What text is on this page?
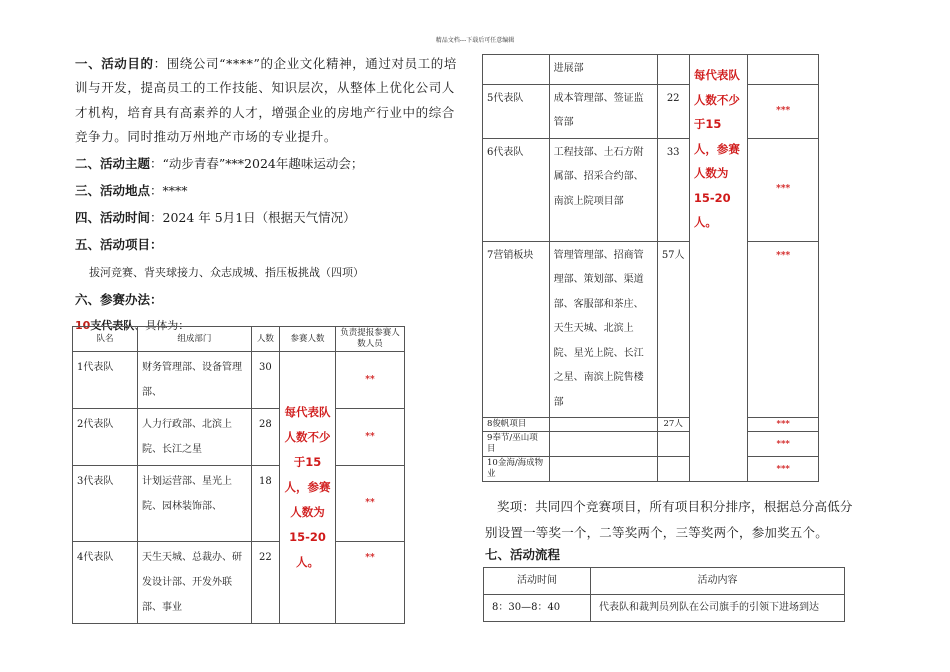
精品文档---下载后可任意编辑

一、活动目的：围绕公司“****”的企业文化精神，通过对员工的培训与开发，提高员工的工作技能、知识层次，从整体上优化公司人才机构，培育具有高素养的人才，增强企业的房地产行业中的综合竞争力。同时推动万州地产市场的专业提升。

二、活动主题：“动步青春”***2024年趣味运动会；

三、活动地点：****

四、活动时间：2024 年 5月1日（根据天气情况）

五、活动项目：

拔河竞赛、背夹球接力、众志成城、指压板挑战（四项）

六、参赛办法：

10支代表队、具体为：

队名	组成部门	人数	参赛人数	负责提报参赛人数人员
1代表队	财务管理部、设备管理部、	30	每代表队人数不少于15人，参赛人数为15-20人。	**
2代表队	人力行政部、北滨上院、长江之星	28		**
3代表队	计划运营部、星光上院、园林装饰部、	18		**
4代表队	天生天城、总裁办、研发设计部、开发外联部、事业	22		**
	进展部		每代表队人数不少于15人，参赛人数为15-20人。	
5代表队	成本管理部、签证监管部	22		***
6代表队	工程技部、土石方附属部、招采合约部、南滨上院项目部	33		***
7营销板块	管理管理部、招商管理部、策划部、渠道部、客服部和茶庄、天生天城、北滨上院、星光上院、长江之星、南滨上院售楼部	57人		***
8俊帆项目		27人		***
9奉节/巫山项目				***
10金海/海成物业				***

奖项：共同四个竞赛项目，所有项目积分排序，根据总分高低分别设置一等奖一个，二等奖两个，三等奖两个，参加奖五个。

七、活动流程

活动时间	活动内容
8：30—8：40	代表队和裁判员列队在公司旗手的引领下进场到达
